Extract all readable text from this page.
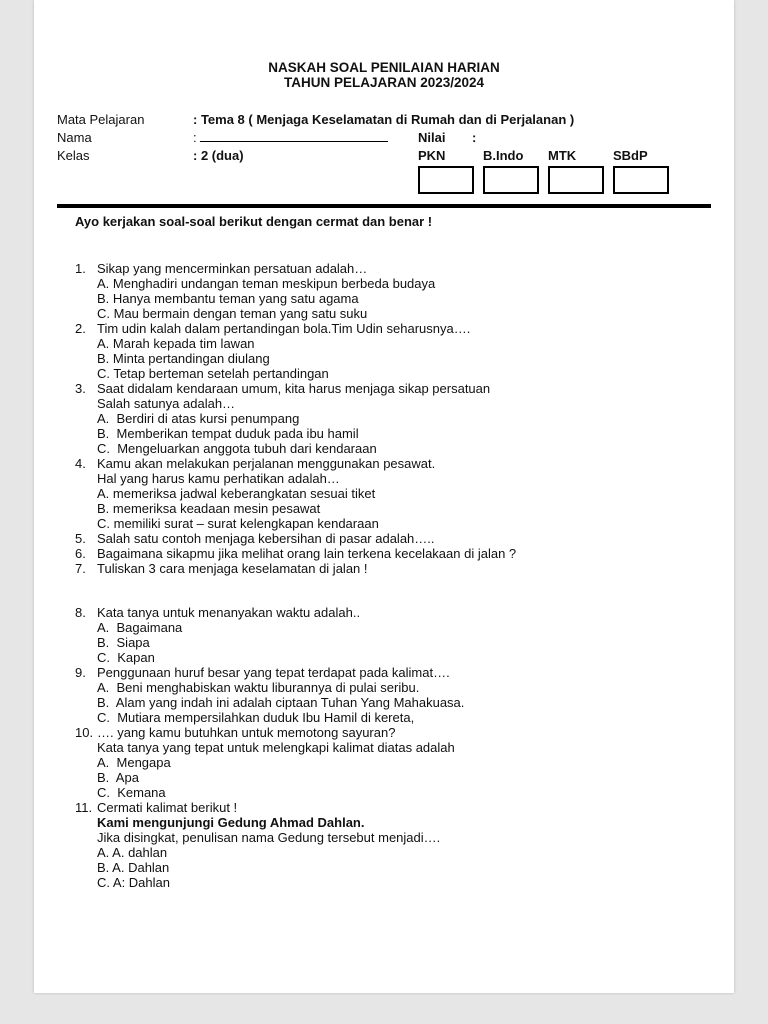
NASKAH SOAL PENILAIAN HARIAN
TAHUN PELAJARAN 2023/2024
Mata Pelajaran	: Tema 8 ( Menjaga Keselamatan di Rumah dan di Perjalanan )
Nama	:
Kelas	: 2 (dua)
Nilai :
PKN	B.Indo	MTK	SBdP
Ayo kerjakan soal-soal berikut dengan cermat dan benar !
1. Sikap yang mencerminkan persatuan adalah…
A. Menghadiri undangan teman meskipun berbeda budaya
B. Hanya membantu teman yang satu agama
C. Mau bermain dengan teman yang satu suku
2. Tim udin kalah dalam pertandingan bola.Tim Udin seharusnya….
A. Marah kepada tim lawan
B. Minta pertandingan diulang
C. Tetap berteman setelah pertandingan
3. Saat didalam kendaraan umum, kita harus menjaga sikap persatuan
Salah satunya adalah…
A.  Berdiri di atas kursi penumpang
B.  Memberikan tempat duduk pada ibu hamil
C.  Mengeluarkan anggota tubuh dari kendaraan
4. Kamu akan melakukan perjalanan menggunakan pesawat.
Hal yang harus kamu perhatikan adalah…
A. memeriksa jadwal keberangkatan sesuai tiket
B. memeriksa keadaan mesin pesawat
C. memiliki surat – surat kelengkapan kendaraan
5. Salah satu contoh menjaga kebersihan di pasar adalah…..
6. Bagaimana sikapmu jika melihat orang lain terkena kecelakaan di jalan ?
7. Tuliskan 3 cara menjaga keselamatan di jalan !
8. Kata tanya untuk menanyakan waktu adalah..
A.  Bagaimana
B.  Siapa
C.  Kapan
9. Penggunaan huruf besar yang tepat terdapat pada kalimat….
A.  Beni menghabiskan waktu liburannya di pulai seribu.
B.  Alam yang indah ini adalah ciptaan Tuhan Yang Mahakuasa.
C.  Mutiara mempersilahkan duduk Ibu Hamil di kereta,
10. …. yang kamu butuhkan untuk memotong sayuran?
Kata tanya yang tepat untuk melengkapi kalimat diatas adalah
A.  Mengapa
B.  Apa
C.  Kemana
11. Cermati kalimat berikut !
Kami mengunjungi Gedung Ahmad Dahlan.
Jika disingkat, penulisan nama Gedung tersebut menjadi….
A. A. dahlan
B. A. Dahlan
C. A: Dahlan
